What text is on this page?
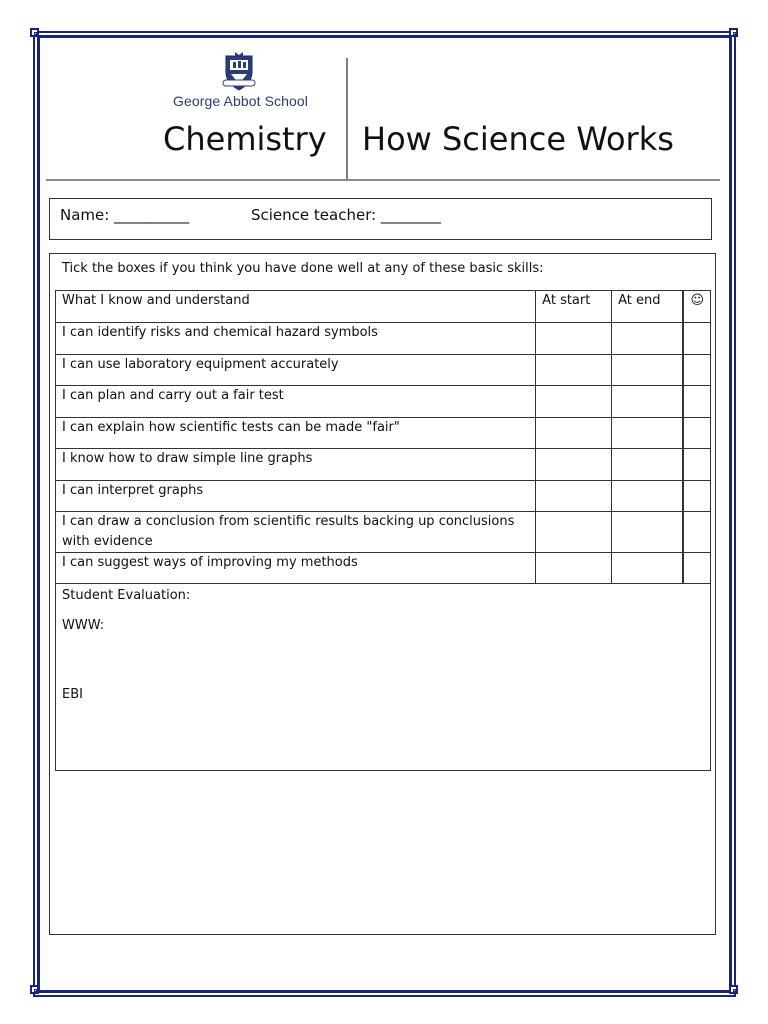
George Abbot School
Chemistry How Science Works
Name: __________	Science teacher: ________
Tick the boxes if you think you have done well at any of these basic skills:
What I know and understand	At start	At end	☺
I can identify risks and chemical hazard symbols			
I can use laboratory equipment accurately			
I can plan and carry out a fair test			
I can explain how scientific tests can be made "fair"			
I know how to draw simple line graphs			
I can interpret graphs			
I can draw a conclusion from scientific results backing up conclusions with evidence			
I can suggest ways of improving my methods			

Student Evaluation:
WWW:
EBI			
